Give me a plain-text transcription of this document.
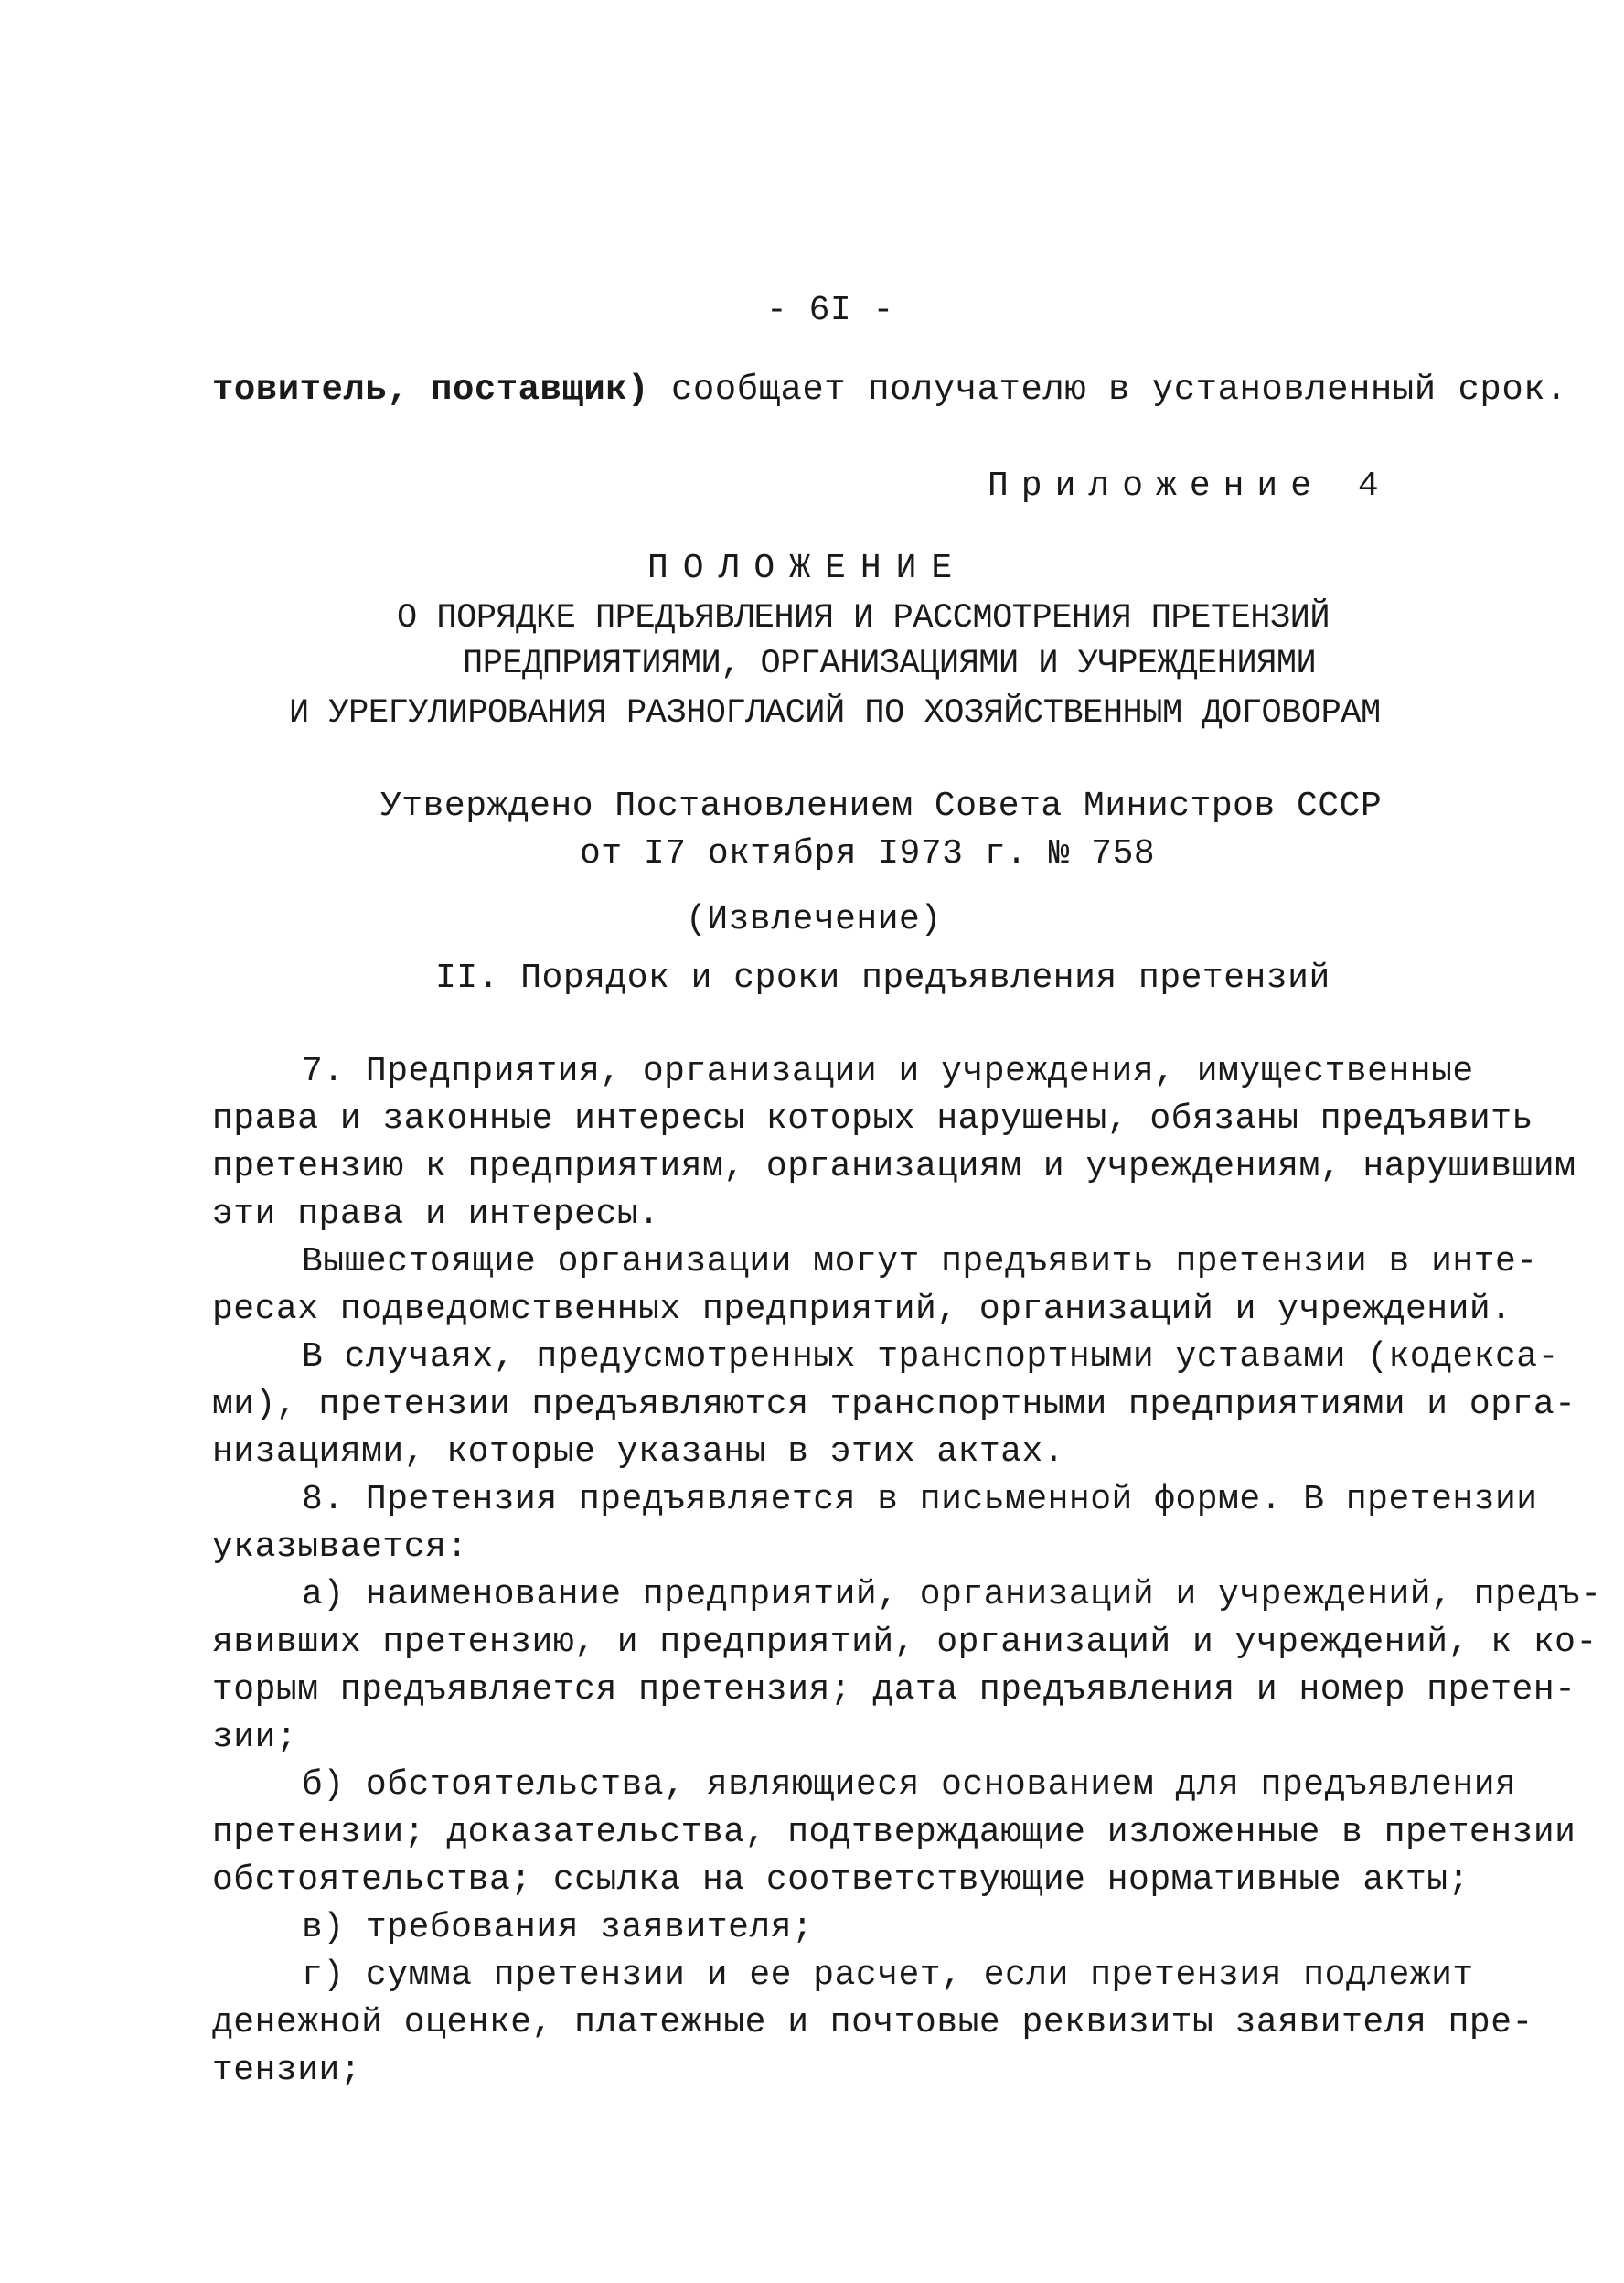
- 6I -
товитель, поставщик) сообщает получателю в установленный срок.
Приложение 4
ПОЛОЖЕНИЕ
О ПОРЯДКЕ ПРЕДЪЯВЛЕНИЯ И РАССМОТРЕНИЯ ПРЕТЕНЗИЙ
ПРЕДПРИЯТИЯМИ, ОРГАНИЗАЦИЯМИ И УЧРЕЖДЕНИЯМИ
И УРЕГУЛИРОВАНИЯ РАЗНОГЛАСИЙ ПО ХОЗЯЙСТВЕННЫМ ДОГОВОРАМ
Утверждено Постановлением Совета Министров СССР
от I7 октября I973 г. № 758
(Извлечение)
II. Порядок и сроки предъявления претензий
7. Предприятия, организации и учреждения, имущественные
права и законные интересы которых нарушены, обязаны предъявить
претензию к предприятиям, организациям и учреждениям, нарушившим
эти права и интересы.
Вышестоящие организации могут предъявить претензии в инте-
ресах подведомственных предприятий, организаций и учреждений.
В случаях, предусмотренных транспортными уставами (кодекса-
ми), претензии предъявляются транспортными предприятиями и орга-
низациями, которые указаны в этих актах.
8. Претензия предъявляется в письменной форме. В претензии
указывается:
а) наименование предприятий, организаций и учреждений, предъ-
явивших претензию, и предприятий, организаций и учреждений, к ко-
торым предъявляется претензия; дата предъявления и номер претен-
зии;
б) обстоятельства, являющиеся основанием для предъявления
претензии; доказательства, подтверждающие изложенные в претензии
обстоятельства; ссылка на соответствующие нормативные акты;
в) требования заявителя;
г) сумма претензии и ее расчет, если претензия подлежит
денежной оценке, платежные и почтовые реквизиты заявителя пре-
тензии;
